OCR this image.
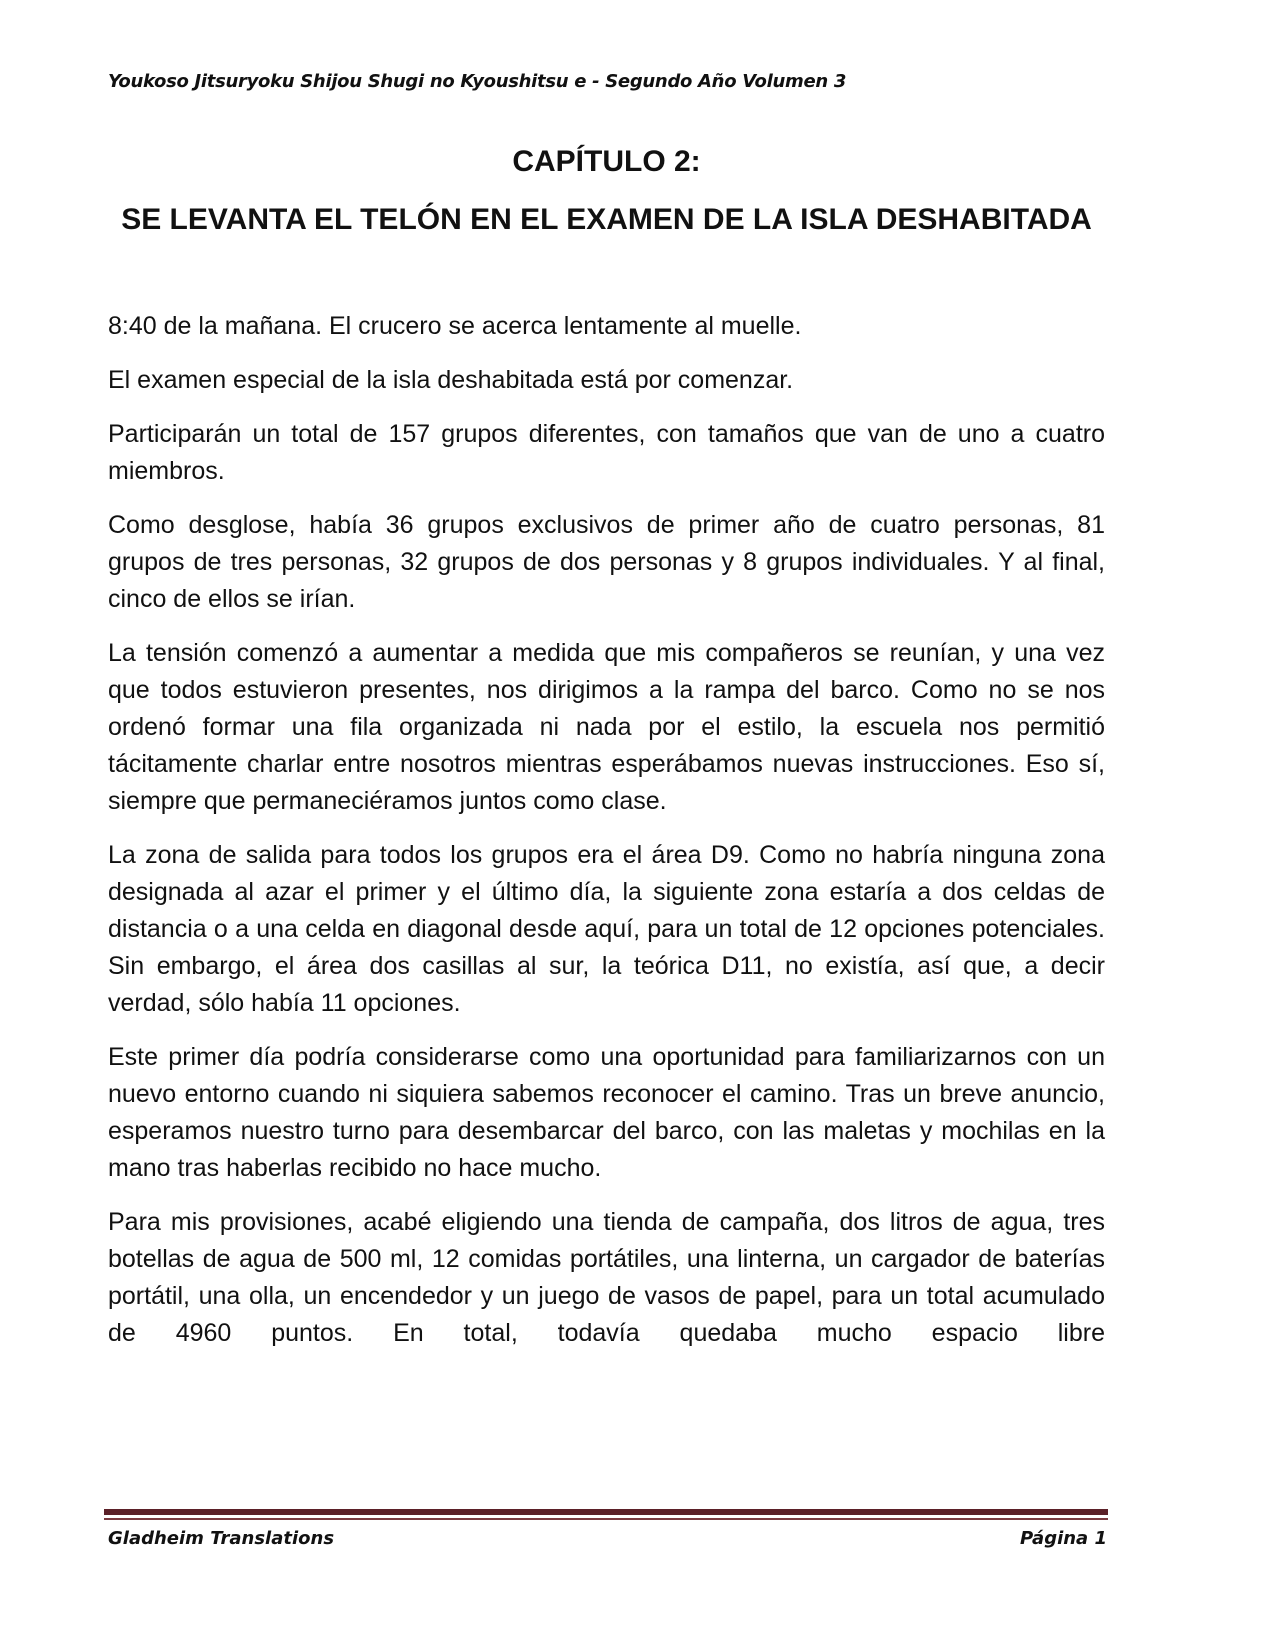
Youkoso Jitsuryoku Shijou Shugi no Kyoushitsu e - Segundo Año Volumen 3
CAPÍTULO 2:
SE LEVANTA EL TELÓN EN EL EXAMEN DE LA ISLA DESHABITADA

8:40 de la mañana. El crucero se acerca lentamente al muelle.

El examen especial de la isla deshabitada está por comenzar.

Participarán un total de 157 grupos diferentes, con tamaños que van de uno a cuatro miembros.

Como desglose, había 36 grupos exclusivos de primer año de cuatro personas, 81 grupos de tres personas, 32 grupos de dos personas y 8 grupos individuales. Y al final, cinco de ellos se irían.

La tensión comenzó a aumentar a medida que mis compañeros se reunían, y una vez que todos estuvieron presentes, nos dirigimos a la rampa del barco. Como no se nos ordenó formar una fila organizada ni nada por el estilo, la escuela nos permitió tácitamente charlar entre nosotros mientras esperábamos nuevas instrucciones. Eso sí, siempre que permaneciéramos juntos como clase.

La zona de salida para todos los grupos era el área D9. Como no habría ninguna zona designada al azar el primer y el último día, la siguiente zona estaría a dos celdas de distancia o a una celda en diagonal desde aquí, para un total de 12 opciones potenciales. Sin embargo, el área dos casillas al sur, la teórica D11, no existía, así que, a decir verdad, sólo había 11 opciones.

Este primer día podría considerarse como una oportunidad para familiarizarnos con un nuevo entorno cuando ni siquiera sabemos reconocer el camino. Tras un breve anuncio, esperamos nuestro turno para desembarcar del barco, con las maletas y mochilas en la mano tras haberlas recibido no hace mucho.

Para mis provisiones, acabé eligiendo una tienda de campaña, dos litros de agua, tres botellas de agua de 500 ml, 12 comidas portátiles, una linterna, un cargador de baterías portátil, una olla, un encendedor y un juego de vasos de papel, para un total acumulado de 4960 puntos. En total, todavía quedaba mucho espacio libre

Gladheim Translations	Página 1
